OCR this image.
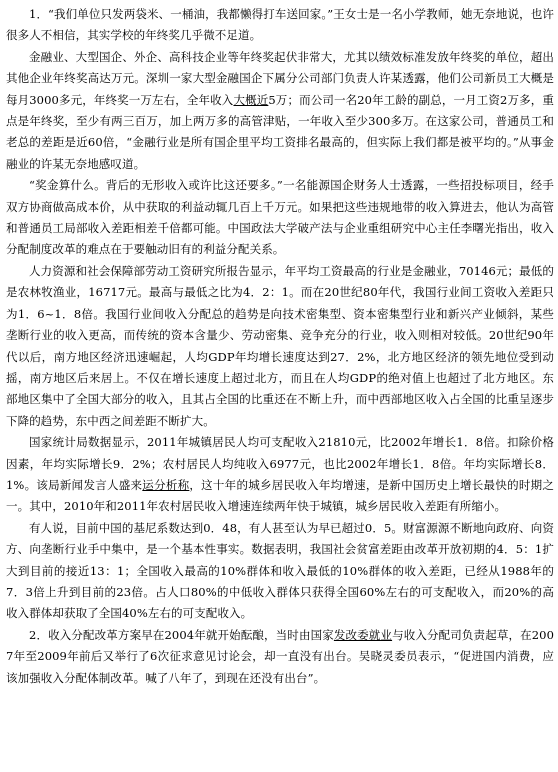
1．“我们单位只发两袋米、一桶油，我都懒得打车送回家。”王女士是一名小学教师，她无奈地说，也许很多人不相信，其实学校的年终奖几乎微不足道。

金融业、大型国企、外企、高科技企业等年终奖起伏非常大，尤其以绩效标准发放年终奖的单位，超出其他企业年终奖高达万元。深圳一家大型金融国企下属分公司部门负责人许某透露，他们公司新员工大概是每月3000多元，年终奖一万左右，全年收入大概近5万；而公司一名20年工龄的副总，一月工资2万多，重点是年终奖，至少有两三百万，加上两万多的高管津贴，一年收入至少300多万。在这家公司，普通员工和老总的差距是近60倍，“金融行业是所有国企里平均工资排名最高的，但实际上我们都是被平均的。”从事金融业的许某无奈地感叹道。

“奖金算什么。背后的无形收入或许比这还要多。”一名能源国企财务人士透露，一些招投标项目，经手双方协商做高成本价，从中获取的利益动辄几百上千万元。如果把这些违规地带的收入算进去，他认为高管和普通员工局部收入差距相差千倍都可能。中国政法大学破产法与企业重组研究中心主任李曙光指出，收入分配制度改革的难点在于要触动旧有的利益分配关系。

人力资源和社会保障部劳动工资研究所报告显示，年平均工资最高的行业是金融业，70146元；最低的是农林牧渔业，16717元。最高与最低之比为4．2：1。而在20世纪80年代，我国行业间工资收入差距只为1．6~1．8倍。我国行业间收入分配总的趋势是向技术密集型、资本密集型行业和新兴产业倾斜，某些垄断行业的收入更高，而传统的资本含量少、劳动密集、竞争充分的行业，收入则相对较低。20世纪90年代以后，南方地区经济迅速崛起，人均GDP年均增长速度达到27．2%，北方地区经济的领先地位受到动摇，南方地区后来居上。不仅在增长速度上超过北方，而且在人均GDP的绝对值上也超过了北方地区。东部地区集中了全国大部分的收入，且其占全国的比重还在不断上升，而中西部地区收入占全国的比重呈逐步下降的趋势，东中西之间差距不断扩大。

国家统计局数据显示，2011年城镇居民人均可支配收入21810元，比2002年增长1．8倍。扣除价格因素，年均实际增长9．2%；农村居民人均纯收入6977元，也比2002年增长1．8倍。年均实际增长8．1%。该局新闻发言人盛来运分析称，这十年的城乡居民收入年均增速，是新中国历史上增长最快的时期之一。其中，2010年和2011年农村居民收入增速连续两年快于城镇，城乡居民收入差距有所缩小。

有人说，目前中国的基尼系数达到0．48，有人甚至认为早已超过0．5。财富源源不断地向政府、向资方、向垄断行业手中集中，是一个基本性事实。数据表明，我国社会贫富差距由改革开放初期的4．5：1扩大到目前的接近13：1；全国收入最高的10%群体和收入最低的10%群体的收入差距，已经从1988年的7．3倍上升到目前的23倍。占人口80%的中低收入群体只获得全国60%左右的可支配收入，而20%的高收入群体却获取了全国40%左右的可支配收入。

2．收入分配改革方案早在2004年就开始酝酿，当时由国家发改委就业与收入分配司负责起草，在2007年至2009年前后又举行了6次征求意见讨论会，却一直没有出台。吴晓灵委员表示，“促进国内消费，应该加强收入分配体制改革。喊了八年了，到现在还没有出台”。
